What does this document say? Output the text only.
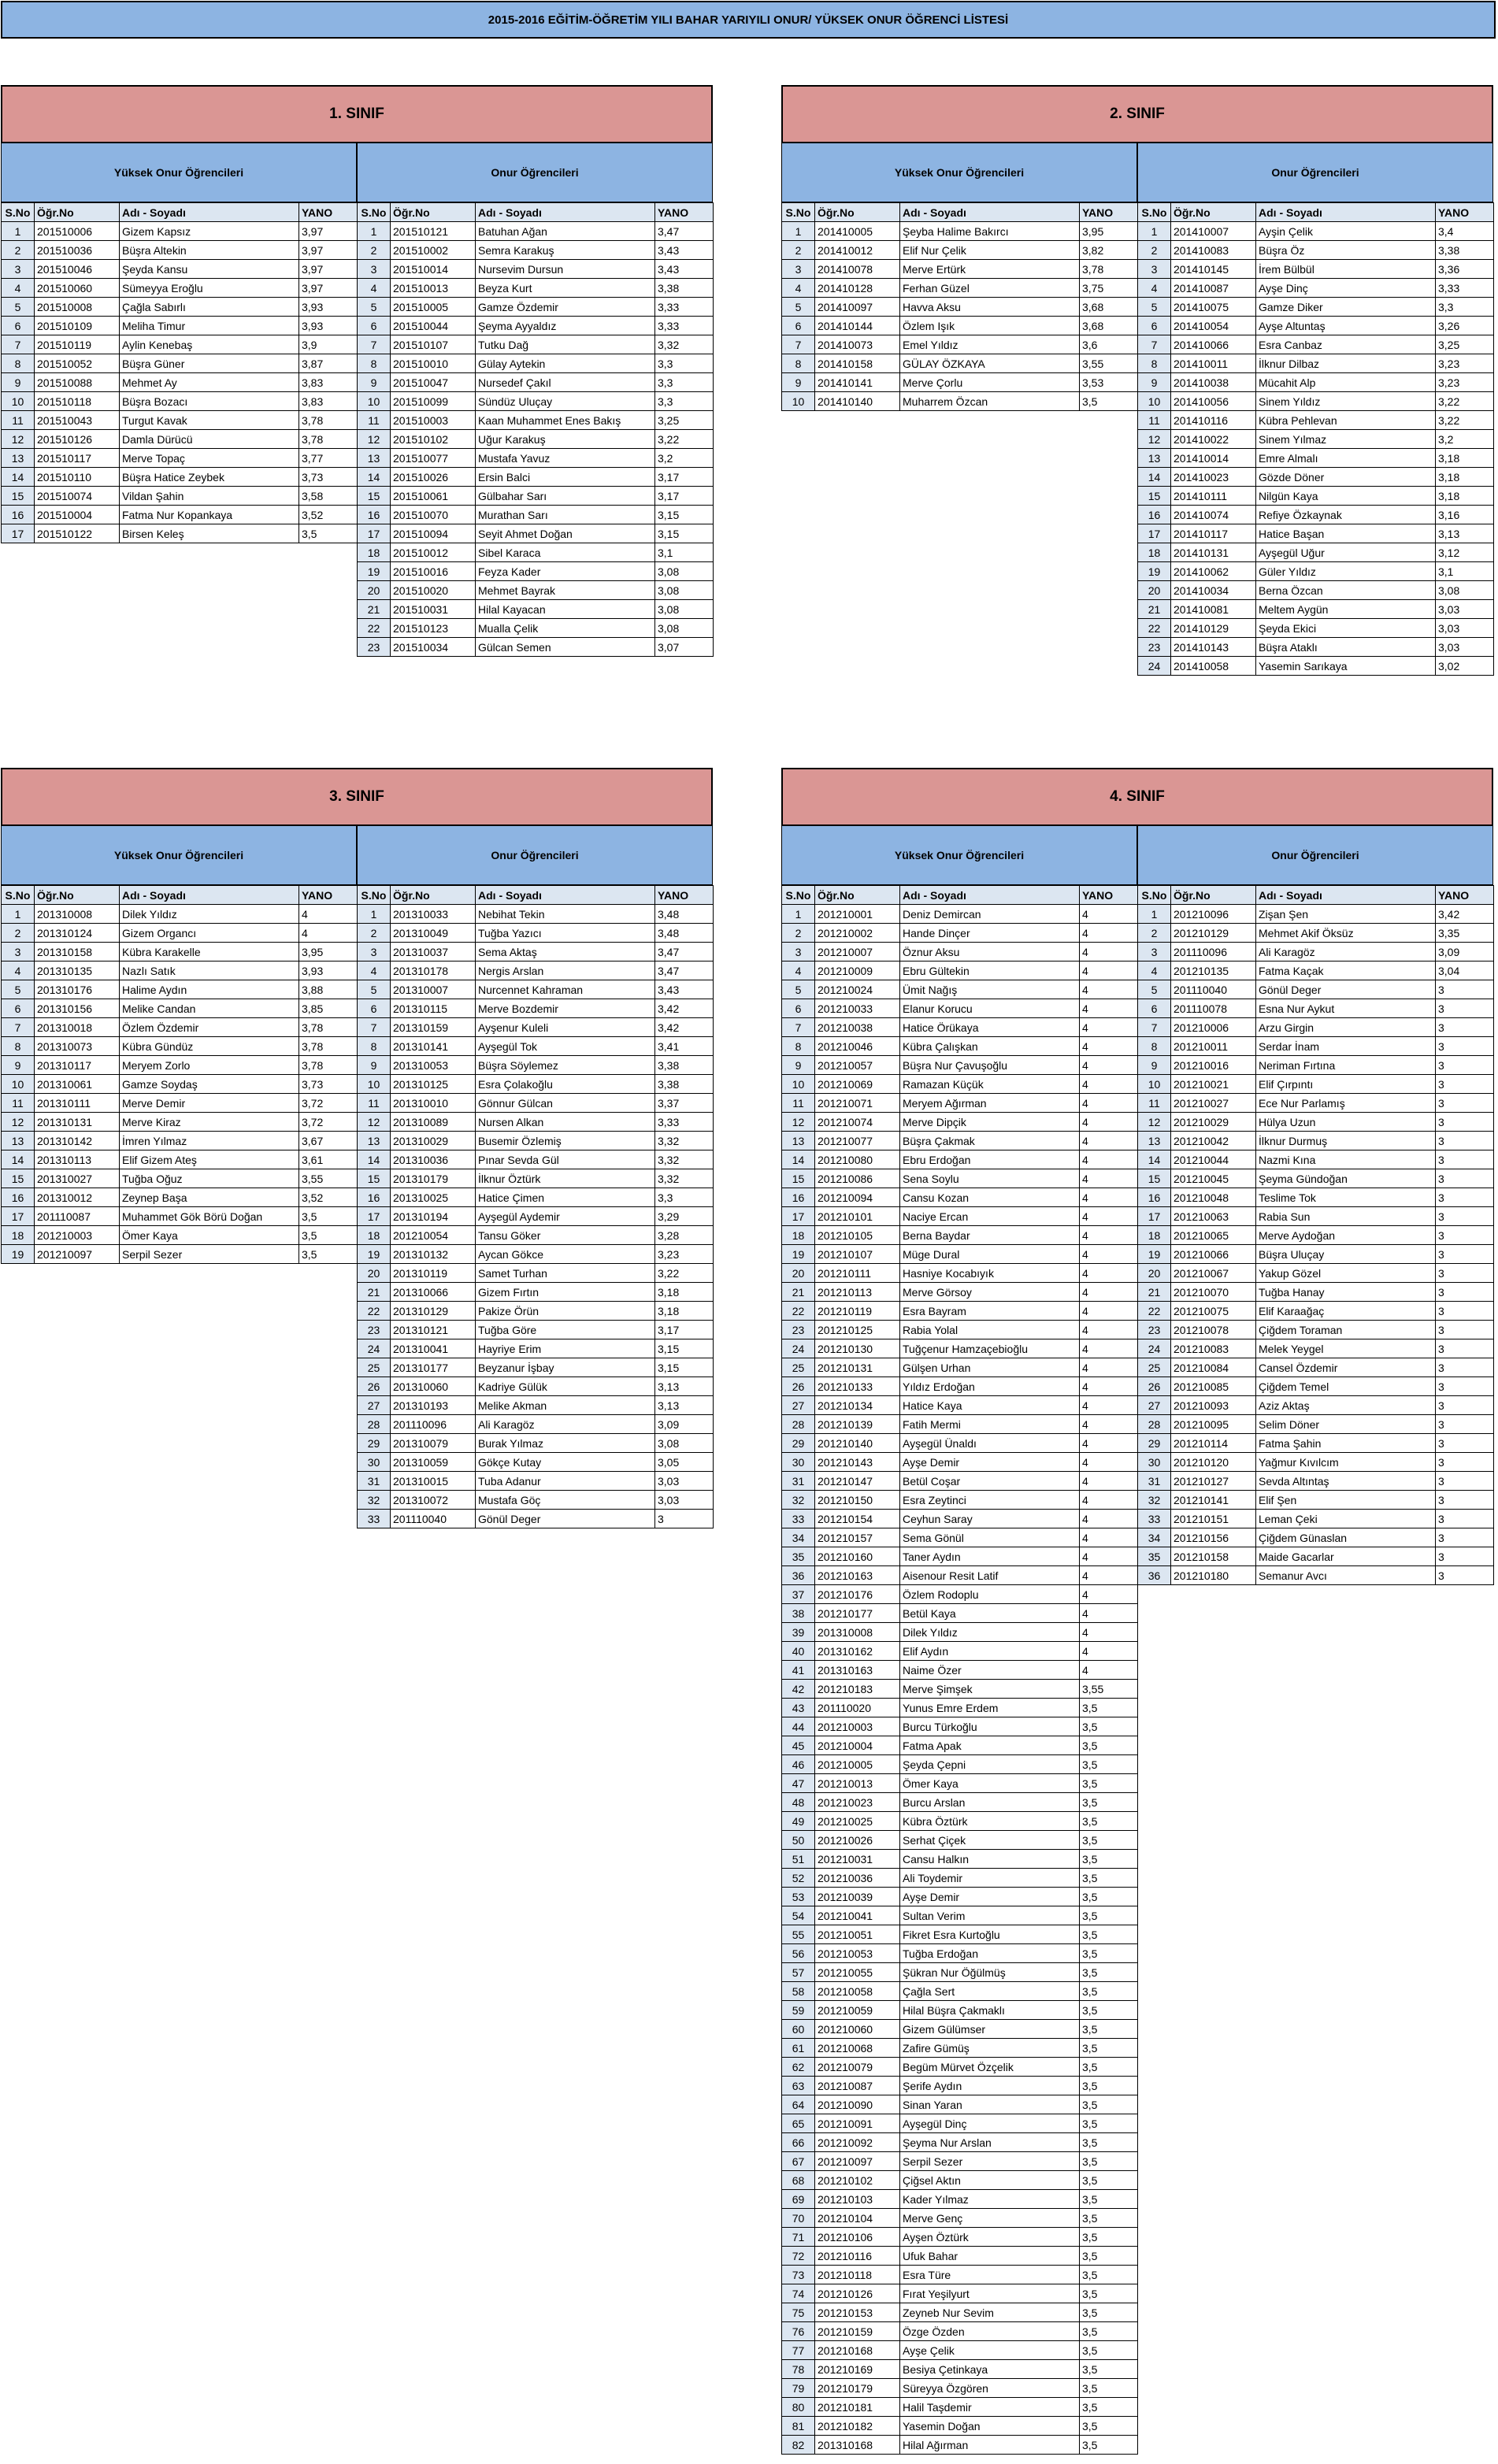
2015-2016 EĞİTİM-ÖĞRETİM YILI BAHAR YARIYILI ONUR/ YÜKSEK ONUR ÖĞRENCİ LİSTESİ
1. SINIF
Yüksek Onur Öğrencileri
S.No	Öğr.No	Adı - Soyadı	YANO
1	201510006	Gizem Kapsız	3,97
2	201510036	Büşra Altekin	3,97
3	201510046	Şeyda Kansu	3,97
4	201510060	Sümeyya Eroğlu	3,97
5	201510008	Çağla Sabırlı	3,93
6	201510109	Meliha Timur	3,93
7	201510119	Aylin Kenebaş	3,9
8	201510052	Büşra Güner	3,87
9	201510088	Mehmet Ay	3,83
10	201510118	Büşra Bozacı	3,83
11	201510043	Turgut Kavak	3,78
12	201510126	Damla Dürücü	3,78
13	201510117	Merve Topaç	3,77
14	201510110	Büşra Hatice Zeybek	3,73
15	201510074	Vildan Şahin	3,58
16	201510004	Fatma Nur Kopankaya	3,52
17	201510122	Birsen Keleş	3,5
Onur Öğrencileri
S.No	Öğr.No	Adı - Soyadı	YANO
1	201510121	Batuhan Ağan	3,47
2	201510002	Semra Karakuş	3,43
3	201510014	Nursevim Dursun	3,43
4	201510013	Beyza Kurt	3,38
5	201510005	Gamze Özdemir	3,33
6	201510044	Şeyma Ayyaldız	3,33
7	201510107	Tutku Dağ	3,32
8	201510010	Gülay Aytekin	3,3
9	201510047	Nursedef Çakıl	3,3
10	201510099	Sündüz Uluçay	3,3
11	201510003	Kaan Muhammet Enes Bakış	3,25
12	201510102	Uğur Karakuş	3,22
13	201510077	Mustafa Yavuz	3,2
14	201510026	Ersin Balci	3,17
15	201510061	Gülbahar Sarı	3,17
16	201510070	Murathan Sarı	3,15
17	201510094	Seyit Ahmet Doğan	3,15
18	201510012	Sibel Karaca	3,1
19	201510016	Feyza Kader	3,08
20	201510020	Mehmet Bayrak	3,08
21	201510031	Hilal Kayacan	3,08
22	201510123	Mualla Çelik	3,08
23	201510034	Gülcan Semen	3,07
2. SINIF
Yüksek Onur Öğrencileri
S.No	Öğr.No	Adı - Soyadı	YANO
1	201410005	Şeyba Halime Bakırcı	3,95
2	201410012	Elif Nur Çelik	3,82
3	201410078	Merve Ertürk	3,78
4	201410128	Ferhan Güzel	3,75
5	201410097	Havva Aksu	3,68
6	201410144	Özlem Işık	3,68
7	201410073	Emel Yıldız	3,6
8	201410158	GÜLAY ÖZKAYA	3,55
9	201410141	Merve Çorlu	3,53
10	201410140	Muharrem Özcan	3,5
Onur Öğrencileri
S.No	Öğr.No	Adı - Soyadı	YANO
1	201410007	Ayşin Çelik	3,4
2	201410083	Büşra Öz	3,38
3	201410145	İrem Bülbül	3,36
4	201410087	Ayşe Dinç	3,33
5	201410075	Gamze Diker	3,3
6	201410054	Ayşe Altuntaş	3,26
7	201410066	Esra Canbaz	3,25
8	201410011	İlknur Dilbaz	3,23
9	201410038	Mücahit Alp	3,23
10	201410056	Sinem Yıldız	3,22
11	201410116	Kübra Pehlevan	3,22
12	201410022	Sinem Yılmaz	3,2
13	201410014	Emre Almalı	3,18
14	201410023	Gözde Döner	3,18
15	201410111	Nilgün Kaya	3,18
16	201410074	Refiye Özkaynak	3,16
17	201410117	Hatice Başan	3,13
18	201410131	Ayşegül Uğur	3,12
19	201410062	Güler Yıldız	3,1
20	201410034	Berna Özcan	3,08
21	201410081	Meltem Aygün	3,03
22	201410129	Şeyda Ekici	3,03
23	201410143	Büşra Ataklı	3,03
24	201410058	Yasemin Sarıkaya	3,02
3. SINIF
Yüksek Onur Öğrencileri
S.No	Öğr.No	Adı - Soyadı	YANO
1	201310008	Dilek Yıldız	4
2	201310124	Gizem Organcı	4
3	201310158	Kübra Karakelle	3,95
4	201310135	Nazlı Satık	3,93
5	201310176	Halime Aydın	3,88
6	201310156	Melike Candan	3,85
7	201310018	Özlem Özdemir	3,78
8	201310073	Kübra Gündüz	3,78
9	201310117	Meryem Zorlo	3,78
10	201310061	Gamze Soydaş	3,73
11	201310111	Merve Demir	3,72
12	201310131	Merve Kiraz	3,72
13	201310142	İmren Yılmaz	3,67
14	201310113	Elif Gizem Ateş	3,61
15	201310027	Tuğba Oğuz	3,55
16	201310012	Zeynep Başa	3,52
17	201110087	Muhammet Gök Börü Doğan	3,5
18	201210003	Ömer Kaya	3,5
19	201210097	Serpil Sezer	3,5
Onur Öğrencileri
S.No	Öğr.No	Adı - Soyadı	YANO
1	201310033	Nebihat Tekin	3,48
2	201310049	Tuğba Yazıcı	3,48
3	201310037	Sema Aktaş	3,47
4	201310178	Nergis Arslan	3,47
5	201310007	Nurcennet Kahraman	3,43
6	201310115	Merve Bozdemir	3,42
7	201310159	Ayşenur Kuleli	3,42
8	201310141	Ayşegül Tok	3,41
9	201310053	Büşra Söylemez	3,38
10	201310125	Esra Çolakoğlu	3,38
11	201310010	Gönnur Gülcan	3,37
12	201310089	Nursen Alkan	3,33
13	201310029	Busemir Özlemiş	3,32
14	201310036	Pınar Sevda Gül	3,32
15	201310179	İlknur Öztürk	3,32
16	201310025	Hatice Çimen	3,3
17	201310194	Ayşegül Aydemir	3,29
18	201210054	Tansu Göker	3,28
19	201310132	Aycan Gökce	3,23
20	201310119	Samet Turhan	3,22
21	201310066	Gizem Fırtın	3,18
22	201310129	Pakize Örün	3,18
23	201310121	Tuğba Göre	3,17
24	201310041	Hayriye Erim	3,15
25	201310177	Beyzanur İşbay	3,15
26	201310060	Kadriye Gülük	3,13
27	201310193	Melike Akman	3,13
28	201110096	Ali Karagöz	3,09
29	201310079	Burak Yılmaz	3,08
30	201310059	Gökçe Kutay	3,05
31	201310015	Tuba Adanur	3,03
32	201310072	Mustafa Göç	3,03
33	201110040	Gönül Deger	3
4. SINIF
Yüksek Onur Öğrencileri
S.No	Öğr.No	Adı - Soyadı	YANO
1	201210001	Deniz Demircan	4
2	201210002	Hande Dinçer	4
3	201210007	Öznur Aksu	4
4	201210009	Ebru Gültekin	4
5	201210024	Ümit Nağış	4
6	201210033	Elanur Korucu	4
7	201210038	Hatice Örükaya	4
8	201210046	Kübra Çalışkan	4
9	201210057	Büşra Nur Çavuşoğlu	4
10	201210069	Ramazan Küçük	4
11	201210071	Meryem Ağırman	4
12	201210074	Merve Dipçik	4
13	201210077	Büşra Çakmak	4
14	201210080	Ebru Erdoğan	4
15	201210086	Sena Soylu	4
16	201210094	Cansu Kozan	4
17	201210101	Naciye Ercan	4
18	201210105	Berna Baydar	4
19	201210107	Müge Dural	4
20	201210111	Hasniye Kocabıyık	4
21	201210113	Merve Görsoy	4
22	201210119	Esra Bayram	4
23	201210125	Rabia Yolal	4
24	201210130	Tuğçenur Hamzaçebioğlu	4
25	201210131	Gülşen Urhan	4
26	201210133	Yıldız Erdoğan	4
27	201210134	Hatice Kaya	4
28	201210139	Fatih Mermi	4
29	201210140	Ayşegül Ünaldı	4
30	201210143	Ayşe Demir	4
31	201210147	Betül Coşar	4
32	201210150	Esra Zeytinci	4
33	201210154	Ceyhun Saray	4
34	201210157	Sema Gönül	4
35	201210160	Taner Aydın	4
36	201210163	Aisenour Resit Latif	4
37	201210176	Özlem Rodoplu	4
38	201210177	Betül Kaya	4
39	201310008	Dilek Yıldız	4
40	201310162	Elif Aydın	4
41	201310163	Naime Özer	4
42	201210183	Merve Şimşek	3,55
43	201110020	Yunus Emre Erdem	3,5
44	201210003	Burcu Türkoğlu	3,5
45	201210004	Fatma Apak	3,5
46	201210005	Şeyda Çepni	3,5
47	201210013	Ömer Kaya	3,5
48	201210023	Burcu Arslan	3,5
49	201210025	Kübra Öztürk	3,5
50	201210026	Serhat Çiçek	3,5
51	201210031	Cansu Halkın	3,5
52	201210036	Ali Toydemir	3,5
53	201210039	Ayşe Demir	3,5
54	201210041	Sultan Verim	3,5
55	201210051	Fikret Esra Kurtoğlu	3,5
56	201210053	Tuğba Erdoğan	3,5
57	201210055	Şükran Nur Öğülmüş	3,5
58	201210058	Çağla Sert	3,5
59	201210059	Hilal Büşra Çakmaklı	3,5
60	201210060	Gizem Gülümser	3,5
61	201210068	Zafire Gümüş	3,5
62	201210079	Begüm Mürvet Özçelik	3,5
63	201210087	Şerife Aydın	3,5
64	201210090	Sinan Yaran	3,5
65	201210091	Ayşegül Dinç	3,5
66	201210092	Şeyma Nur Arslan	3,5
67	201210097	Serpil Sezer	3,5
68	201210102	Çiğsel Aktın	3,5
69	201210103	Kader Yılmaz	3,5
70	201210104	Merve Genç	3,5
71	201210106	Ayşen Öztürk	3,5
72	201210116	Ufuk Bahar	3,5
73	201210118	Esra Türe	3,5
74	201210126	Fırat Yeşilyurt	3,5
75	201210153	Zeyneb Nur Sevim	3,5
76	201210159	Özge Özden	3,5
77	201210168	Ayşe Çelik	3,5
78	201210169	Besiya Çetinkaya	3,5
79	201210179	Süreyya Özgören	3,5
80	201210181	Halil Taşdemir	3,5
81	201210182	Yasemin Doğan	3,5
82	201310168	Hilal Ağırman	3,5
Onur Öğrencileri
S.No	Öğr.No	Adı - Soyadı	YANO
1	201210096	Zişan Şen	3,42
2	201210129	Mehmet Akif Öksüz	3,35
3	201110096	Ali Karagöz	3,09
4	201210135	Fatma Kaçak	3,04
5	201110040	Gönül Deger	3
6	201110078	Esna Nur Aykut	3
7	201210006	Arzu Girgin	3
8	201210011	Serdar İnam	3
9	201210016	Neriman Fırtına	3
10	201210021	Elif Çırpıntı	3
11	201210027	Ece Nur Parlamış	3
12	201210029	Hülya Uzun	3
13	201210042	İlknur Durmuş	3
14	201210044	Nazmi Kına	3
15	201210045	Şeyma Gündoğan	3
16	201210048	Teslime Tok	3
17	201210063	Rabia Sun	3
18	201210065	Merve Aydoğan	3
19	201210066	Büşra Uluçay	3
20	201210067	Yakup Gözel	3
21	201210070	Tuğba Hanay	3
22	201210075	Elif Karaağaç	3
23	201210078	Çiğdem Toraman	3
24	201210083	Melek Yeygel	3
25	201210084	Cansel Özdemir	3
26	201210085	Çiğdem Temel	3
27	201210093	Aziz Aktaş	3
28	201210095	Selim Döner	3
29	201210114	Fatma Şahin	3
30	201210120	Yağmur Kıvılcım	3
31	201210127	Sevda Altıntaş	3
32	201210141	Elif Şen	3
33	201210151	Leman Çeki	3
34	201210156	Çiğdem Günaslan	3
35	201210158	Maide Gacarlar	3
36	201210180	Semanur Avcı	3
